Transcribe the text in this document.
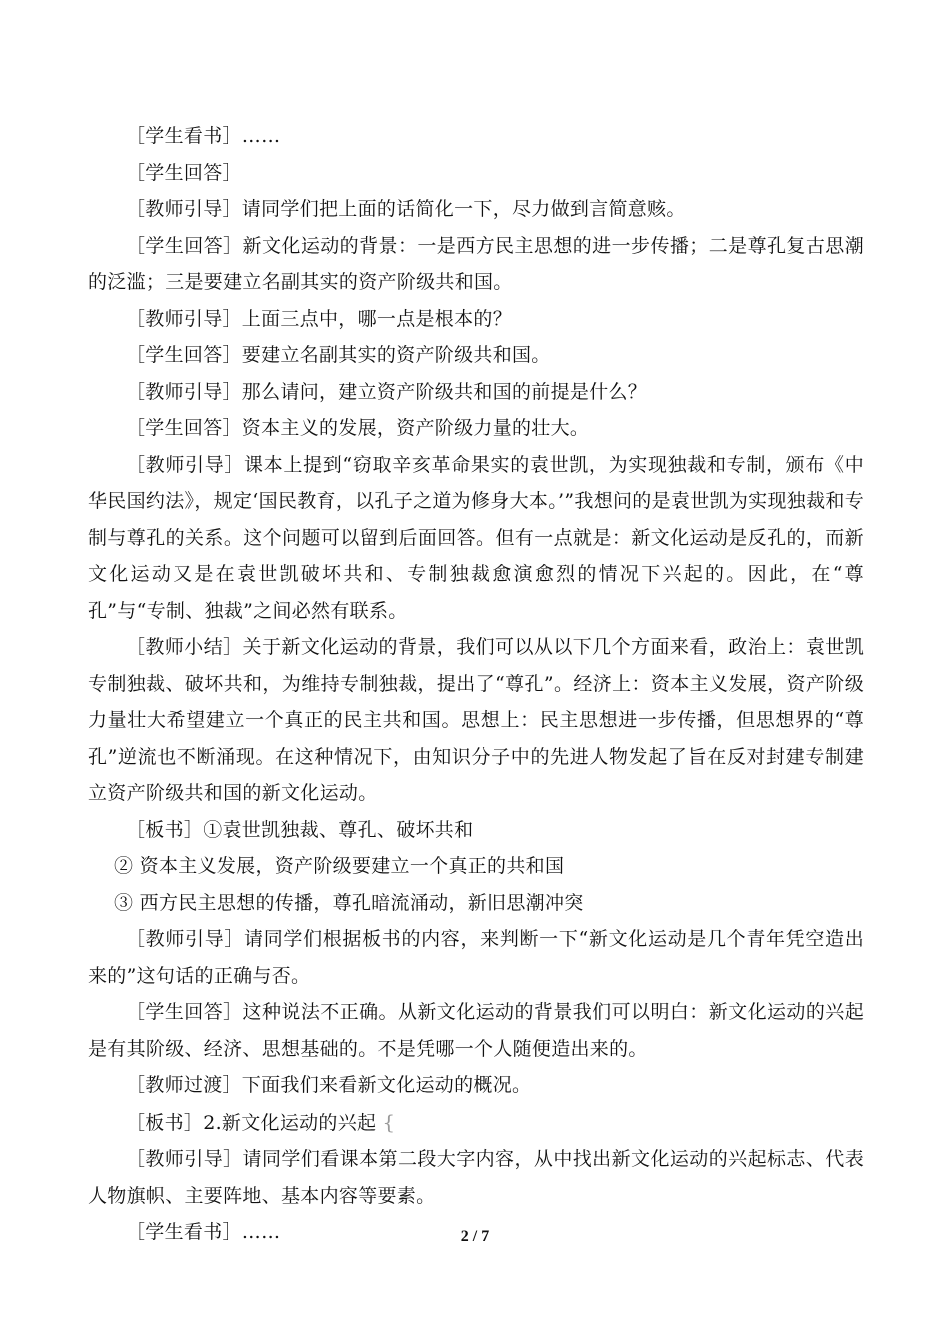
［学生看书］……

［学生回答］

［教师引导］请同学们把上面的话简化一下，尽力做到言简意赅。

［学生回答］新文化运动的背景：一是西方民主思想的进一步传播；二是尊孔复古思潮的泛滥；三是要建立名副其实的资产阶级共和国。

［教师引导］上面三点中，哪一点是根本的？

［学生回答］要建立名副其实的资产阶级共和国。

［教师引导］那么请问，建立资产阶级共和国的前提是什么？

［学生回答］资本主义的发展，资产阶级力量的壮大。

［教师引导］课本上提到“窃取辛亥革命果实的袁世凯，为实现独裁和专制，颁布《中华民国约法》，规定‘国民教育，以孔子之道为修身大本。’”我想问的是袁世凯为实现独裁和专制与尊孔的关系。这个问题可以留到后面回答。但有一点就是：新文化运动是反孔的，而新文化运动又是在袁世凯破坏共和、专制独裁愈演愈烈的情况下兴起的。因此，在“尊孔”与“专制、独裁”之间必然有联系。

［教师小结］关于新文化运动的背景，我们可以从以下几个方面来看，政治上：袁世凯专制独裁、破坏共和，为维持专制独裁，提出了“尊孔”。经济上：资本主义发展，资产阶级力量壮大希望建立一个真正的民主共和国。思想上：民主思想进一步传播，但思想界的“尊孔”逆流也不断涌现。在这种情况下，由知识分子中的先进人物发起了旨在反对封建专制建立资产阶级共和国的新文化运动。

［板书］①袁世凯独裁、尊孔、破坏共和

② 资本主义发展，资产阶级要建立一个真正的共和国

③ 西方民主思想的传播，尊孔暗流涌动，新旧思潮冲突

［教师引导］请同学们根据板书的内容，来判断一下“新文化运动是几个青年凭空造出来的”这句话的正确与否。

［学生回答］这种说法不正确。从新文化运动的背景我们可以明白：新文化运动的兴起是有其阶级、经济、思想基础的。不是凭哪一个人随便造出来的。

［教师过渡］下面我们来看新文化运动的概况。

［板书］2.新文化运动的兴起 {

［教师引导］请同学们看课本第二段大字内容，从中找出新文化运动的兴起标志、代表人物旗帜、主要阵地、基本内容等要素。

［学生看书］……	2 / 7
